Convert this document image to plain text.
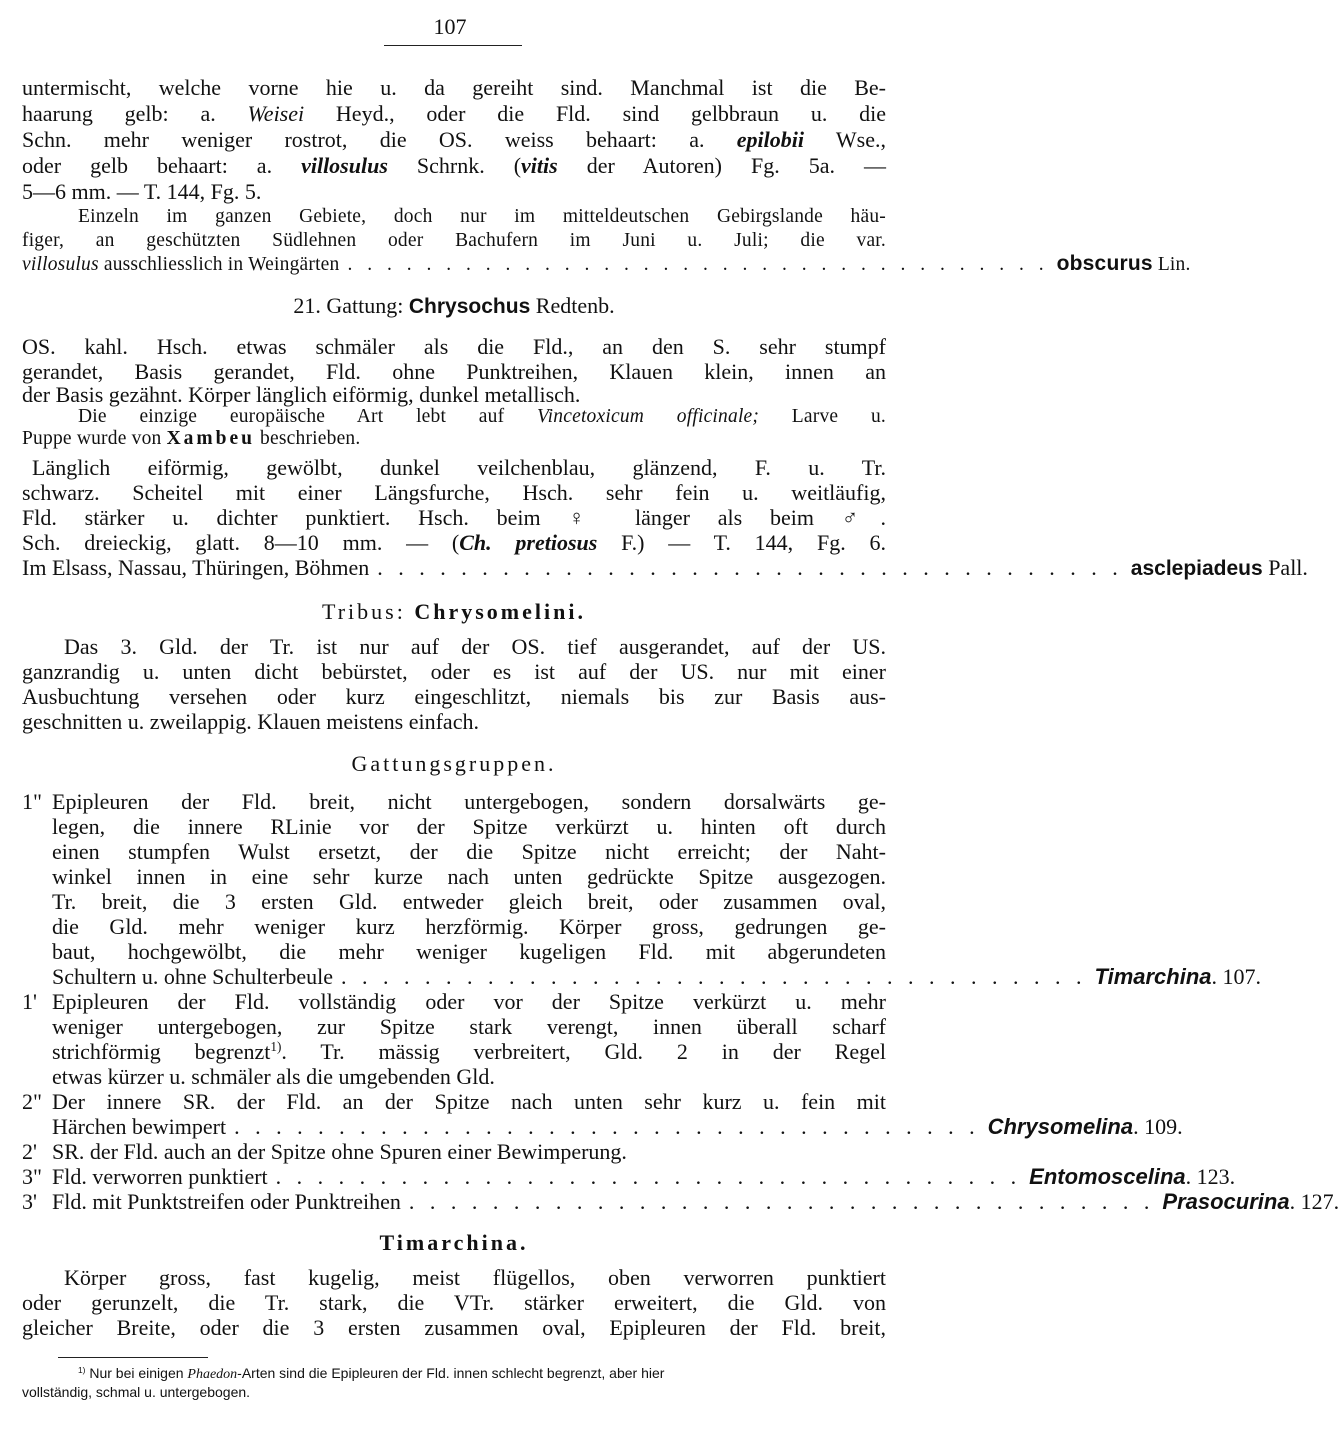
107
untermischt, welche vorne hie u. da gereiht sind. Manchmal ist die Be-
haarung gelb: a. Weisei Heyd., oder die Fld. sind gelbbraun u. die
Schn. mehr weniger rostrot, die OS. weiss behaart: a. epilobii Wse.,
oder gelb behaart: a. villosulus Schrnk. (vitis der Autoren) Fg. 5a. —
5—6 mm. — T. 144, Fg. 5.
Einzeln im ganzen Gebiete, doch nur im mitteldeutschen Gebirgslande häu-
figer, an geschützten Südlehnen oder Bachufern im Juni u. Juli; die var.
villosulus ausschliesslich in Weingärten . . . . . . . . . . . . . . . . . . . . . . . . . . . . . . . . . . . . obscurus Lin.
21. Gattung: Chrysochus Redtenb.
OS. kahl. Hsch. etwas schmäler als die Fld., an den S. sehr stumpf
gerandet, Basis gerandet, Fld. ohne Punktreihen, Klauen klein, innen an
der Basis gezähnt. Körper länglich eiförmig, dunkel metallisch.
Die einzige europäische Art lebt auf Vincetoxicum officinale; Larve u.
Puppe wurde von Xambeu beschrieben.
Länglich eiförmig, gewölbt, dunkel veilchenblau, glänzend, F. u. Tr.
schwarz. Scheitel mit einer Längsfurche, Hsch. sehr fein u. weitläufig,
Fld. stärker u. dichter punktiert. Hsch. beim ♀ länger als beim ♂.
Sch. dreieckig, glatt. 8—10 mm. — (Ch. pretiosus F.) — T. 144, Fg. 6.
Im Elsass, Nassau, Thüringen, Böhmen . . . . . . . . . . . . . . . . . . . . . . . . . . . . . . . . . . . . asclepiadeus Pall.
Tribus: Chrysomelini.
Das 3. Gld. der Tr. ist nur auf der OS. tief ausgerandet, auf der US.
ganzrandig u. unten dicht bebürstet, oder es ist auf der US. nur mit einer
Ausbuchtung versehen oder kurz eingeschlitzt, niemals bis zur Basis aus-
geschnitten u. zweilappig. Klauen meistens einfach.
Gattungsgruppen.
1" Epipleuren der Fld. breit, nicht untergebogen, sondern dorsalwärts ge-
legen, die innere RLinie vor der Spitze verkürzt u. hinten oft durch
einen stumpfen Wulst ersetzt, der die Spitze nicht erreicht; der Naht-
winkel innen in eine sehr kurze nach unten gedrückte Spitze ausgezogen.
Tr. breit, die 3 ersten Gld. entweder gleich breit, oder zusammen oval,
die Gld. mehr weniger kurz herzförmig. Körper gross, gedrungen ge-
baut, hochgewölbt, die mehr weniger kugeligen Fld. mit abgerundeten
Schultern u. ohne Schulterbeule . . . . . . . . . . . . . . . . . . . . . . . . . . . . . . . . . . . . Timarchina. 107.
1' Epipleuren der Fld. vollständig oder vor der Spitze verkürzt u. mehr
weniger untergebogen, zur Spitze stark verengt, innen überall scharf
strichförmig begrenzt$^{1)}$. Tr. mässig verbreitert, Gld. 2 in der Regel
etwas kürzer u. schmäler als die umgebenden Gld.
2" Der innere SR. der Fld. an der Spitze nach unten sehr kurz u. fein mit
Härchen bewimpert . . . . . . . . . . . . . . . . . . . . . . . . . . . . . . . . . . . . Chrysomelina. 109.
2' SR. der Fld. auch an der Spitze ohne Spuren einer Bewimperung.
3" Fld. verworren punktiert . . . . . . . . . . . . . . . . . . . . . . . . . . . . . . . . . . . . Entomoscelina. 123.
3' Fld. mit Punktstreifen oder Punktreihen . . . . . . . . . . . . . . . . . . . . . . . . . . . . . . . . . . . . Prasocurina. 127.
Timarchina.
Körper gross, fast kugelig, meist flügellos, oben verworren punktiert
oder gerunzelt, die Tr. stark, die VTr. stärker erweitert, die Gld. von
gleicher Breite, oder die 3 ersten zusammen oval, Epipleuren der Fld. breit,
$^{1)}$ Nur bei einigen Phaedon-Arten sind die Epipleuren der Fld. innen schlecht begrenzt, aber hier
vollständig, schmal u. untergebogen.
